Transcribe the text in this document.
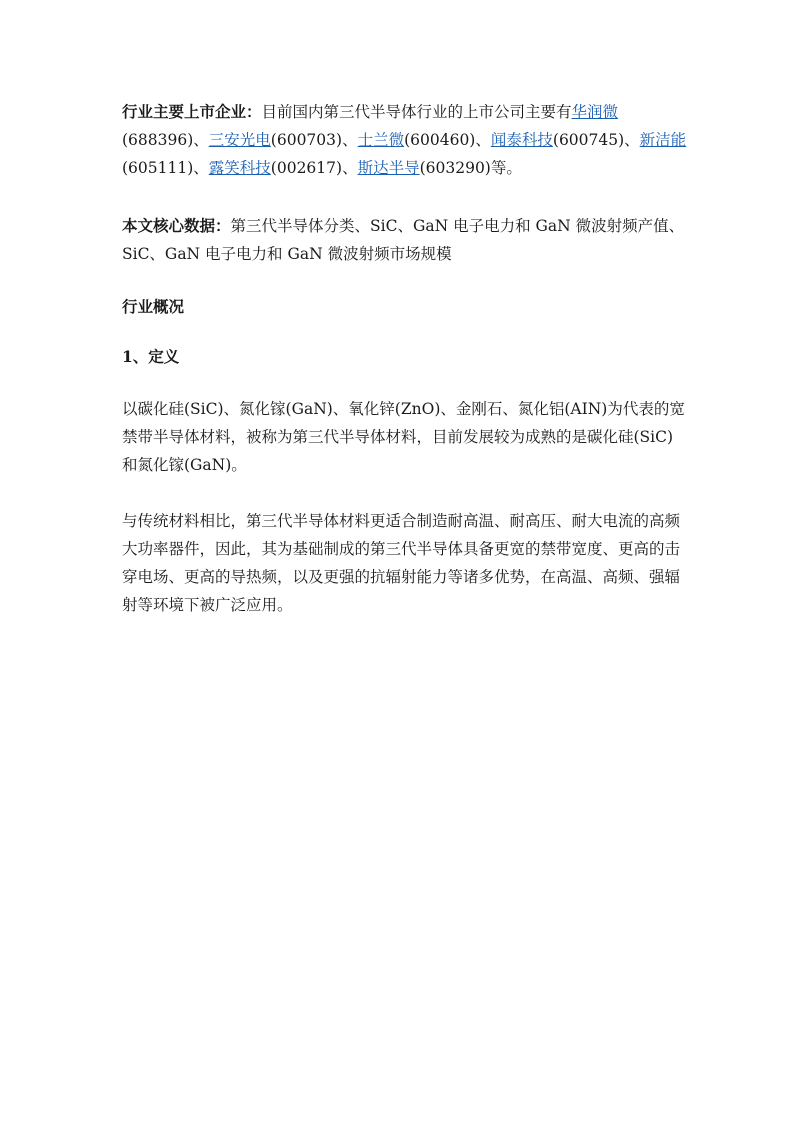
行业主要上市企业：目前国内第三代半导体行业的上市公司主要有华润微(688396)、三安光电(600703)、士兰微(600460)、闻泰科技(600745)、新洁能(605111)、露笑科技(002617)、斯达半导(603290)等。

本文核心数据：第三代半导体分类、SiC、GaN 电子电力和 GaN 微波射频产值、SiC、GaN 电子电力和 GaN 微波射频市场规模

行业概况

1、定义

以碳化硅(SiC)、氮化镓(GaN)、氧化锌(ZnO)、金刚石、氮化铝(AIN)为代表的宽禁带半导体材料，被称为第三代半导体材料，目前发展较为成熟的是碳化硅(SiC)和氮化镓(GaN)。

与传统材料相比，第三代半导体材料更适合制造耐高温、耐高压、耐大电流的高频大功率器件，因此，其为基础制成的第三代半导体具备更宽的禁带宽度、更高的击穿电场、更高的导热频，以及更强的抗辐射能力等诸多优势，在高温、高频、强辐射等环境下被广泛应用。
